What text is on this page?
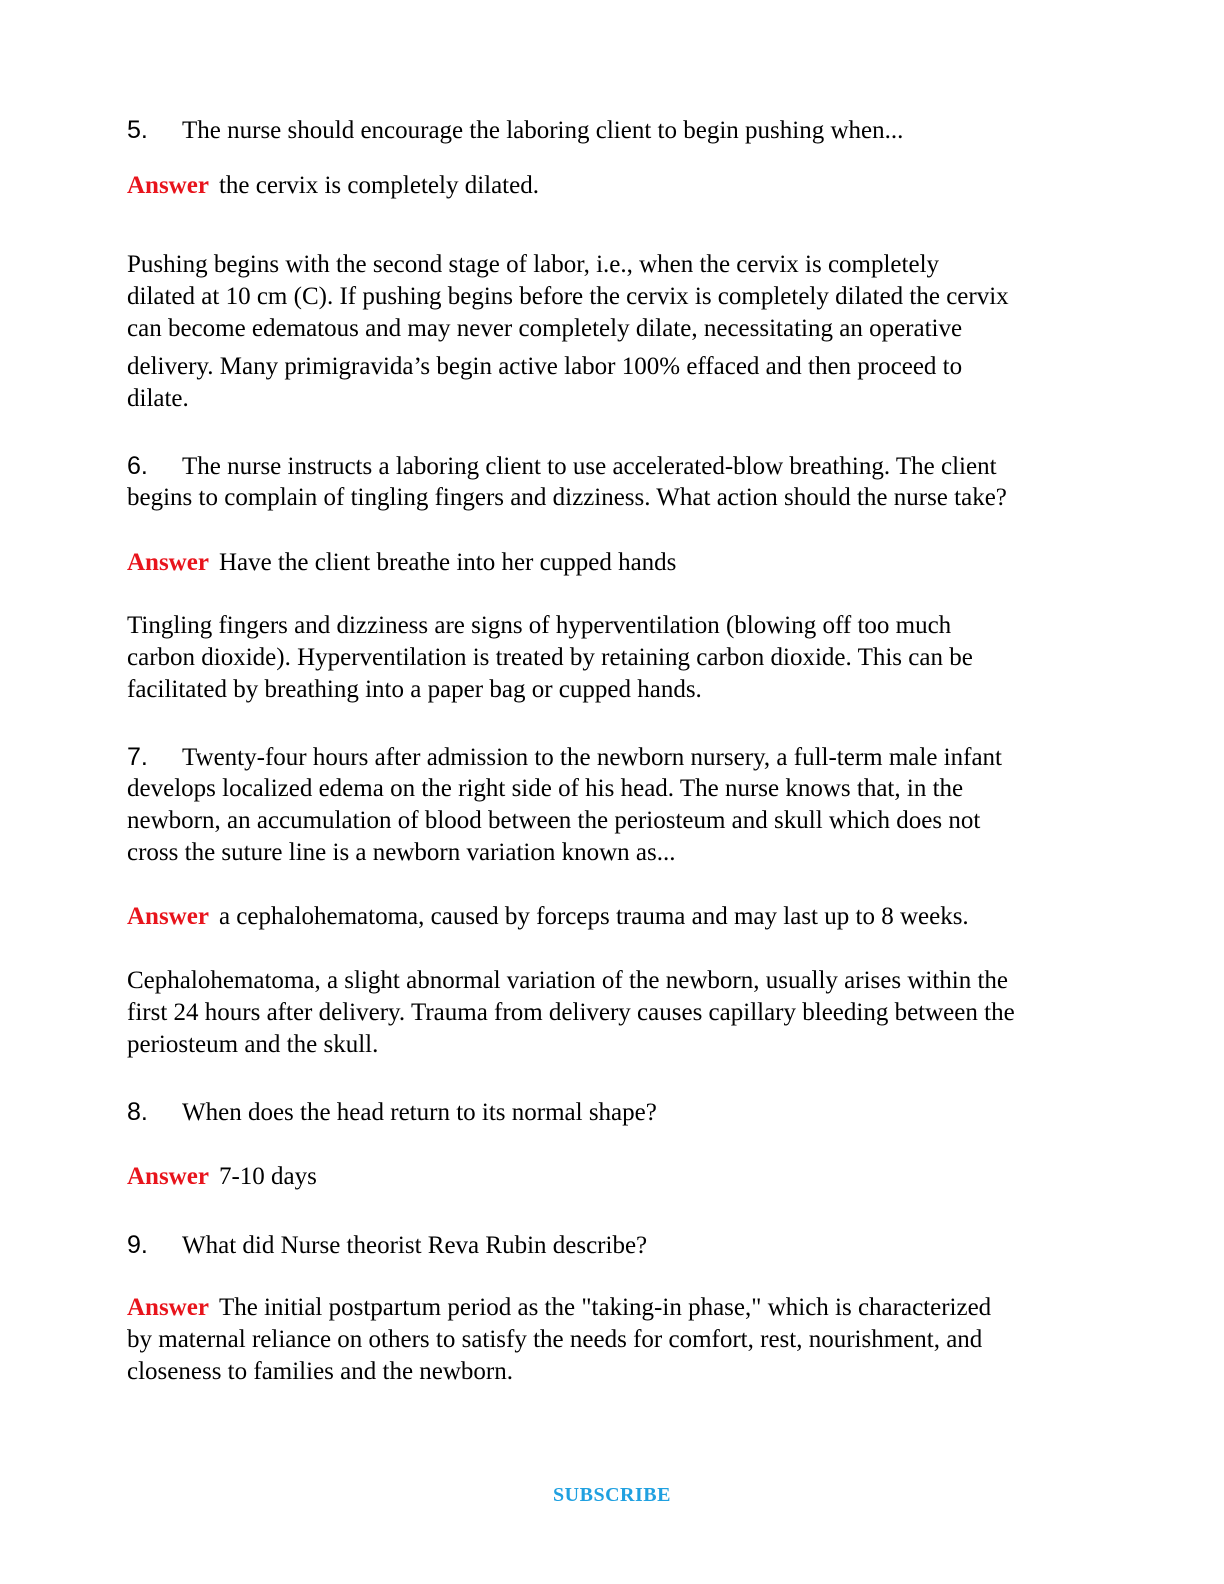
5. The nurse should encourage the laboring client to begin pushing when...
Answer the cervix is completely dilated.
Pushing begins with the second stage of labor, i.e., when the cervix is completely
dilated at 10 cm (C). If pushing begins before the cervix is completely dilated the cervix
can become edematous and may never completely dilate, necessitating an operative
delivery. Many primigravida’s begin active labor 100% effaced and then proceed to
dilate.
6. The nurse instructs a laboring client to use accelerated-blow breathing. The client
begins to complain of tingling fingers and dizziness. What action should the nurse take?
Answer Have the client breathe into her cupped hands
Tingling fingers and dizziness are signs of hyperventilation (blowing off too much
carbon dioxide). Hyperventilation is treated by retaining carbon dioxide. This can be
facilitated by breathing into a paper bag or cupped hands.
7. Twenty-four hours after admission to the newborn nursery, a full-term male infant
develops localized edema on the right side of his head. The nurse knows that, in the
newborn, an accumulation of blood between the periosteum and skull which does not
cross the suture line is a newborn variation known as...
Answer a cephalohematoma, caused by forceps trauma and may last up to 8 weeks.
Cephalohematoma, a slight abnormal variation of the newborn, usually arises within the
first 24 hours after delivery. Trauma from delivery causes capillary bleeding between the
periosteum and the skull.
8. When does the head return to its normal shape?
Answer 7-10 days
9. What did Nurse theorist Reva Rubin describe?
Answer The initial postpartum period as the "taking-in phase," which is characterized
by maternal reliance on others to satisfy the needs for comfort, rest, nourishment, and
closeness to families and the newborn.
SUBSCRIBE
